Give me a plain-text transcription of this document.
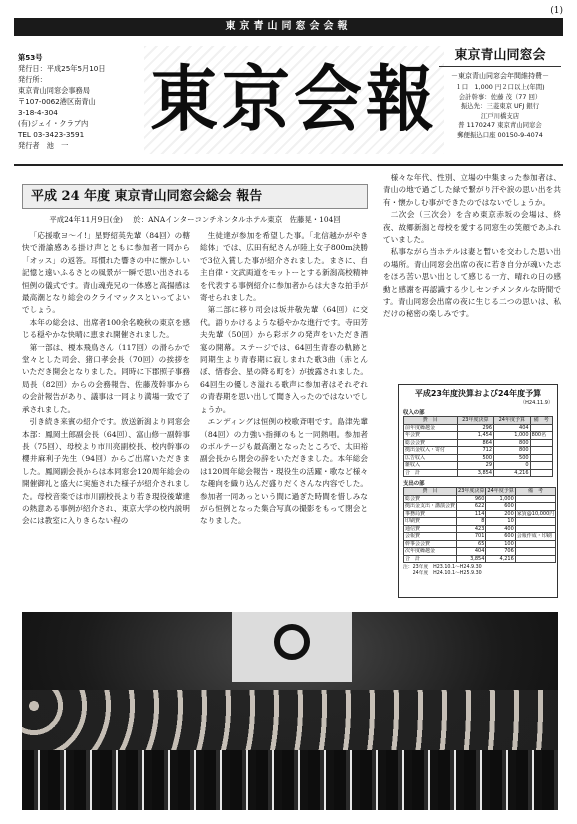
(1)
東京青山同窓会会報
第53号
発行日：平成25年5月10日
発行所：
東京青山同窓会事務局
〒107-0062港区南青山
3-18-4-304
(有)ジェイ・クラブ内
TEL 03-3423-3591
発行者　池　一
東京会報
東京青山同窓会
－東京青山同窓会年間維持費－
１口　1,000 円２口以上(年間)
会計幹事：佐藤 茂（77 回）
振込先：三菱東京 UFJ 銀行
江戸川橋支店
普 1170247 東京青山同窓会
郵便振込口座 00150-9-4074
平成 24 年度 東京青山同窓会総会 報告
平成24年11月9日(金) 於：ANAインターコンチネンタルホテル東京　佐藤晃・104回

「応援歌ヨ～イ!」星野紹英先輩（84回）の轄快で滑諭感ある掛け声とともに参加者一同から「オッス」の返答。耳慣れた響きの中に懐かしい記憶と遠いふるさとの風景が一瞬で思い出される恒例の儀式です。青山魂尭兄の一体感と高揚感は最高潮となり総会のクライマックスといってよいでしょう。

本年の総会は、出席者100余名晩秋の東京を感じる穏やかな快晴に恵まれ開催されました。

第一部は、榎本飛鳥さん（117回）の滑らかで堂々とした司会、猪口孝会長（70回）の挨拶をいただき開会となりました。同時に下郡照子事務局長（82回）からの会務報告、佐藤茂幹事からの会計報告があり、議事は一同より満場一致で了承されました。

引き続き来賓の紹介です。放送新潟より同窓会本部：鳳岡土郎副会長（64回）、富山修一副幹事長（75回）、母校より市川亮副校長、校内幹事の櫻井麻利子先生（94回）からご出席いただきました。鳳岡副会長からは本同窓会120周年総会の開催御礼と盛大に実施された様子が紹介されました。母校音楽では市川副校長より若き現役後輩達の熱意ある事例が紹介され、東京大学の校内説明会には教室に入りきらない程の

生徒達が参加を希望した事。「北信越かがやき総体」では、広田有紀さんが陸上女子800m決勝で3位入賞した事が紹介されました。まさに、自主自律・文武両道をモットーとする新潟高校精神を代表する事例紹介に参加者からは大きな拍手が寄せられました。

第二部に移り司会は坂井敬先輩（64回）に交代。語りかけるような穏やかな進行です。寺田芳夫先輩（50回）から彩ボクの発声をいただき酒宴の開幕。ステージでは、64回生青春の軌跡と同期生より青春期に寂しまれた歌3曲（赤とんぼ、惜春会、星の降る町を）が披露されました。64回生の優しさ溢れる歌声に参加者はそれぞれの青春期を思い出して聞き入ったのではないでしょうか。

エンディングは恒例の校歌斉唱です。島津先輩（84回）の力強い指揮のもと一同熱唱。参加者のボルテージも最高潮となったところで、太田裕副会長から閉会の辞をいただきました。本年総会は120周年総会報告・現役生の活躍・歌など様々な趣向を織り込んだ盛りだくさんな内容でした。参加者一同あっという間に過ぎた時間を惜しみながら恒例となった集合写真の撮影をもって閉会となりました。

様々な年代、性別、立場の中集まった参加者は、青山の地で過ごした緑で繋がり汗や涙の思い出を共有・懐かしむ事ができたのではないでしょうか。

二次会（三次会）を含め東京赤坂の会場は、終夜、故郷新潟と母校を愛する同窓生の笑顔であふれていました。

私事ながら当ホテルは妻と暫いを交わした思い出の場所。青山同窓会出席の夜に若き自分が魂いた志をほろ苦い思い出として感じる一方、晴れの日の感動と感謝を再認識する少しセンチメンタルな時間です。青山同窓会出席の夜に生じる二つの思いは、私だけの秘密の楽しみです。

平成23年度決算および24年度予算
（H24.11.9）
収入の部
費　目	23年度決算	24年度予算	備　考
前年度繰越金	296	404	
年会費	1,454	1,000	800名
総会会費	864	800	
拠出金収入・寄付	712	800	
広告収入	500	500	
雑収入	29	0	
合　計	3,854	4,216	
支出の部
費　目	23年度決算	24年度予算	備　考
総会費	960	1,000	
拠出金支出・講演会費	622	600	
事務局費	114	200	家賃@10,000円
印刷費	8	10	
通信費	423	400	
会報費	701	600	会報作成・印刷
幹事会会費	65	100	
次年度繰越金	404	706	
合　計	3,854	4,216	
注：23年度　H23.10.1～H24.9.30
　　24年度　H24.10.1～H25.9.30
